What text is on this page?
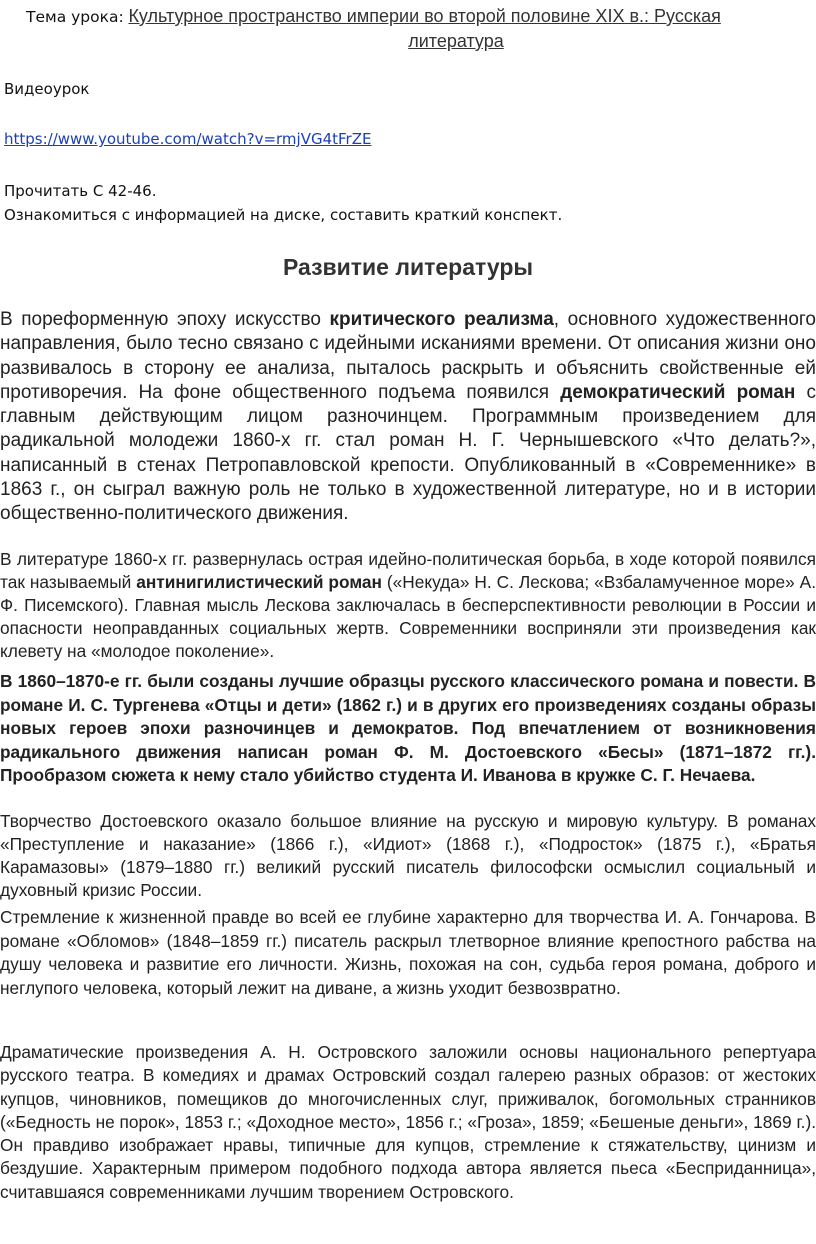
Тема урока: Культурное пространство империи во второй половине XIX в.: Русская
литература
Видеоурок
https://www.youtube.com/watch?v=rmjVG4tFrZE
Прочитать С 42-46.
Ознакомиться с информацией на диске, составить краткий конспект.
Развитие литературы

В пореформенную эпоху искусство критического реализма, основного художественного направления, было тесно связано с идейными исканиями времени. От описания жизни оно развивалось в сторону ее анализа, пыталось раскрыть и объяснить свойственные ей противоречия. На фоне общественного подъема появился демократический роман с главным действующим лицом разночинцем. Программным произведением для радикальной молодежи 1860-х гг. стал роман Н. Г. Чернышевского «Что делать?», написанный в стенах Петропавловской крепости. Опубликованный в «Современнике» в 1863 г., он сыграл важную роль не только в художественной литературе, но и в истории общественно-политического движения.

В литературе 1860-х гг. развернулась острая идейно-политическая борьба, в ходе которой появился так называемый антинигилистический роман («Некуда» Н. С. Лескова; «Взбаламученное море» А. Ф. Писемского). Главная мысль Лескова заключалась в бесперспективности революции в России и опасности неоправданных социальных жертв. Современники восприняли эти произведения как клевету на «молодое поколение».

В 1860–1870-е гг. были созданы лучшие образцы русского классического романа и повести. В романе И. С. Тургенева «Отцы и дети» (1862 г.) и в других его произведениях созданы образы новых героев эпохи разночинцев и демократов. Под впечатлением от возникновения радикального движения написан роман Ф. М. Достоевского «Бесы» (1871–1872 гг.). Прообразом сюжета к нему стало убийство студента И. Иванова в кружке С. Г. Нечаева.

Творчество Достоевского оказало большое влияние на русскую и мировую культуру. В романах «Преступление и наказание» (1866 г.), «Идиот» (1868 г.), «Подросток» (1875 г.), «Братья Карамазовы» (1879–1880 гг.) великий русский писатель философски осмыслил социальный и духовный кризис России.

Стремление к жизненной правде во всей ее глубине характерно для творчества И. А. Гончарова. В романе «Обломов» (1848–1859 гг.) писатель раскрыл тлетворное влияние крепостного рабства на душу человека и развитие его личности. Жизнь, похожая на сон, судьба героя романа, доброго и неглупого человека, который лежит на диване, а жизнь уходит безвозвратно.

Драматические произведения А. Н. Островского заложили основы национального репертуара русского театра. В комедиях и драмах Островский создал галерею разных образов: от жестоких купцов, чиновников, помещиков до многочисленных слуг, приживалок, богомольных странников («Бедность не порок», 1853 г.; «Доходное место», 1856 г.; «Гроза», 1859; «Бешеные деньги», 1869 г.). Он правдиво изображает нравы, типичные для купцов, стремление к стяжательству, цинизм и бездушие. Характерным примером подобного подхода автора является пьеса «Бесприданница», считавшаяся современниками лучшим творением Островского.
